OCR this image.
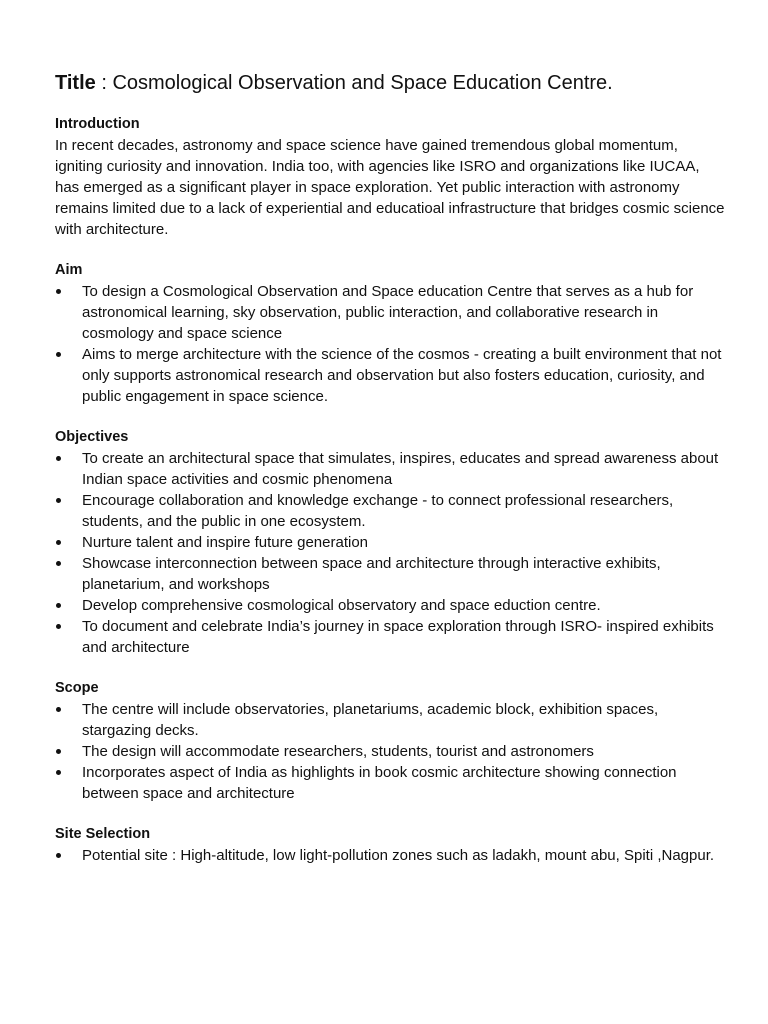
Title : Cosmological Observation and Space Education Centre.

Introduction

In recent decades, astronomy and space science have gained tremendous global momentum, igniting curiosity and innovation. India too, with agencies like ISRO and organizations like IUCAA, has emerged as a significant player in space exploration. Yet public interaction with astronomy remains limited due to a lack of experiential and educatioal infrastructure that bridges cosmic science with architecture.

Aim

To design a Cosmological Observation and Space education Centre that serves as a hub for astronomical learning, sky observation, public interaction, and collaborative research in cosmology and space science
Aims to merge architecture with the science of the cosmos - creating a built environment that not only supports astronomical research and observation but also fosters education, curiosity, and public engagement in space science.

Objectives

To create an architectural space that simulates, inspires, educates and spread awareness about Indian space activities and cosmic phenomena
Encourage collaboration and knowledge exchange - to connect professional researchers, students, and the public in one ecosystem.
Nurture talent and inspire future generation
Showcase interconnection between space and architecture through interactive exhibits, planetarium, and workshops
Develop comprehensive cosmological observatory and space eduction centre.
To document and celebrate India’s journey in space exploration through ISRO- inspired exhibits and architecture

Scope

The centre will include observatories, planetariums, academic block, exhibition spaces, stargazing decks.
The design will accommodate researchers, students, tourist and astronomers
Incorporates aspect of India as highlights in book cosmic architecture showing connection between space and architecture

Site Selection

Potential site : High-altitude, low light-pollution zones such as ladakh, mount abu, Spiti ,Nagpur.
